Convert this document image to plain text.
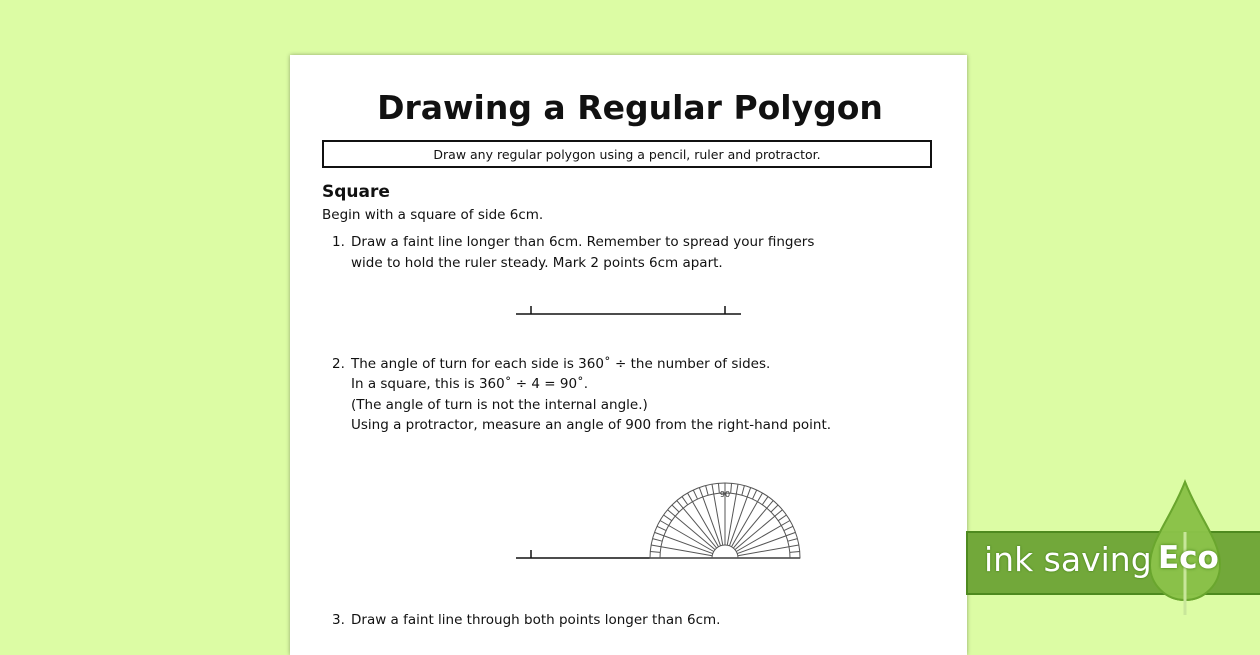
Drawing a Regular Polygon
Draw any regular polygon using a pencil, ruler and protractor.
Square
Begin with a square of side 6cm.
1. Draw a faint line longer than 6cm. Remember to spread your fingers
wide to hold the ruler steady. Mark 2 points 6cm apart.
2. The angle of turn for each side is 360˚ ÷ the number of sides.
In a square, this is 360˚ ÷ 4 = 90˚.
(The angle of turn is not the internal angle.)
Using a protractor, measure an angle of 900 from the right-hand point.
3. Draw a faint line through both points longer than 6cm.
90
ink saving Eco
